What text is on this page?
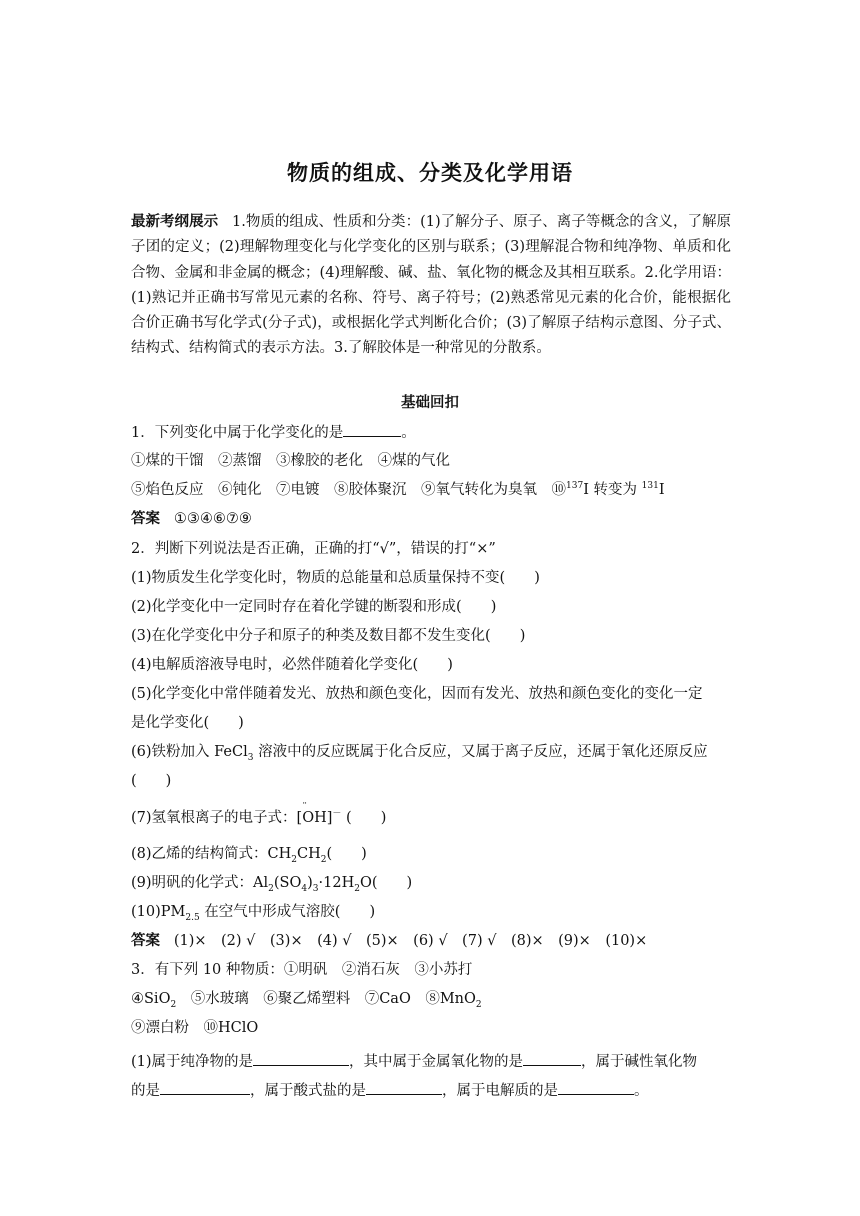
物质的组成、分类及化学用语
最新考纲展示 1.物质的组成、性质和分类：(1)了解分子、原子、离子等概念的含义，了解原子团的定义；(2)理解物理变化与化学变化的区别与联系；(3)理解混合物和纯净物、单质和化合物、金属和非金属的概念；(4)理解酸、碱、盐、氧化物的概念及其相互联系。2.化学用语：(1)熟记并正确书写常见元素的名称、符号、离子符号；(2)熟悉常见元素的化合价，能根据化合价正确书写化学式(分子式)，或根据化学式判断化合价；(3)了解原子结构示意图、分子式、结构式、结构简式的表示方法。3.了解胶体是一种常见的分散系。
基础回扣
1．下列变化中属于化学变化的是	。
①煤的干馏　②蒸馏　③橡胶的老化　④煤的气化
⑤焰色反应　⑥钝化　⑦电镀　⑧胶体聚沉　⑨氧气转化为臭氧　⑩$^{137}$I 转变为 $^{131}$I
答案 ①③④⑥⑦⑨
2．判断下列说法是否正确，正确的打“√”，错误的打“×”
(1)物质发生化学变化时，物质的总能量和总质量保持不变(　　)
(2)化学变化中一定同时存在着化学键的断裂和形成(　　)
(3)在化学变化中分子和原子的种类及数目都不发生变化(　　)
(4)电解质溶液导电时，必然伴随着化学变化(　　)
(5)化学变化中常伴随着发光、放热和颜色变化，因而有发光、放热和颜色变化的变化一定
是化学变化(　　)
(6)铁粉加入 FeCl$_3$ 溶液中的反应既属于化合反应，又属于离子反应，还属于氧化还原反应
(　　)
(7)氢氧根离子的电子式：[·· OH]－ (　　)
(8)乙烯的结构简式：$CH_2CH_2$(　　)
(9)明矾的化学式：$Al_2(SO_4)_3\cdot 12H_2O$(　　)
$(10)PM_{2.5}$ 在空气中形成气溶胶(　　)
答案 (1)×　(2) √　(3)×　(4) √　(5)×　(6) √　(7) √　(8)×　(9)×　(10)×
3．有下列 10 种物质：①明矾　②消石灰　③小苏打
④SiO$_2$　⑤水玻璃　⑥聚乙烯塑料　⑦CaO　⑧MnO$_2$
⑨漂白粉　⑩HClO
(1)属于纯净物的是	，其中属于金属氧化物的是	，属于碱性氧化物
的是	，属于酸式盐的是	，属于电解质的是	。
